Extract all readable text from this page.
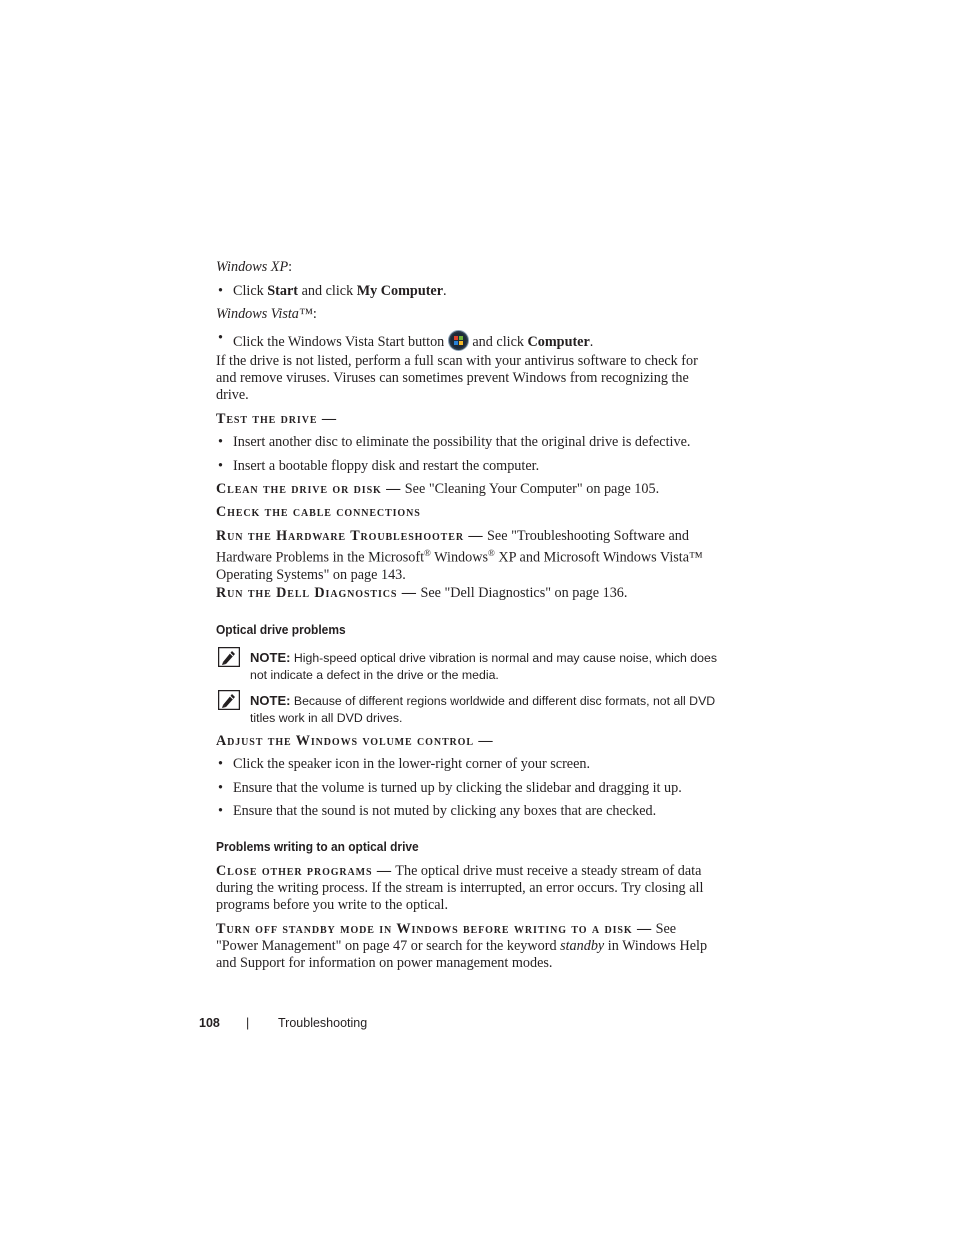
Windows XP:
• Click Start and click My Computer.
Windows Vista™:
• Click the Windows Vista Start button  and click Computer.
If the drive is not listed, perform a full scan with your antivirus software to check for and remove viruses. Viruses can sometimes prevent Windows from recognizing the drive.
Test the drive —
• Insert another disc to eliminate the possibility that the original drive is defective.
• Insert a bootable floppy disk and restart the computer.
Clean the drive or disk — See "Cleaning Your Computer" on page 105.
Check the cable connections
Run the Hardware Troubleshooter — See "Troubleshooting Software and Hardware Problems in the Microsoft® Windows® XP and Microsoft Windows Vista™ Operating Systems" on page 143.
Run the Dell Diagnostics — See "Dell Diagnostics" on page 136.
Optical drive problems
NOTE: High-speed optical drive vibration is normal and may cause noise, which does not indicate a defect in the drive or the media.
NOTE: Because of different regions worldwide and different disc formats, not all DVD titles work in all DVD drives.
Adjust the Windows volume control —
• Click the speaker icon in the lower-right corner of your screen.
• Ensure that the volume is turned up by clicking the slidebar and dragging it up.
• Ensure that the sound is not muted by clicking any boxes that are checked.
Problems writing to an optical drive
Close other programs — The optical drive must receive a steady stream of data during the writing process. If the stream is interrupted, an error occurs. Try closing all programs before you write to the optical.
Turn off standby mode in Windows before writing to a disk — See "Power Management" on page 47 or search for the keyword standby in Windows Help and Support for information on power management modes.
108 | Troubleshooting
